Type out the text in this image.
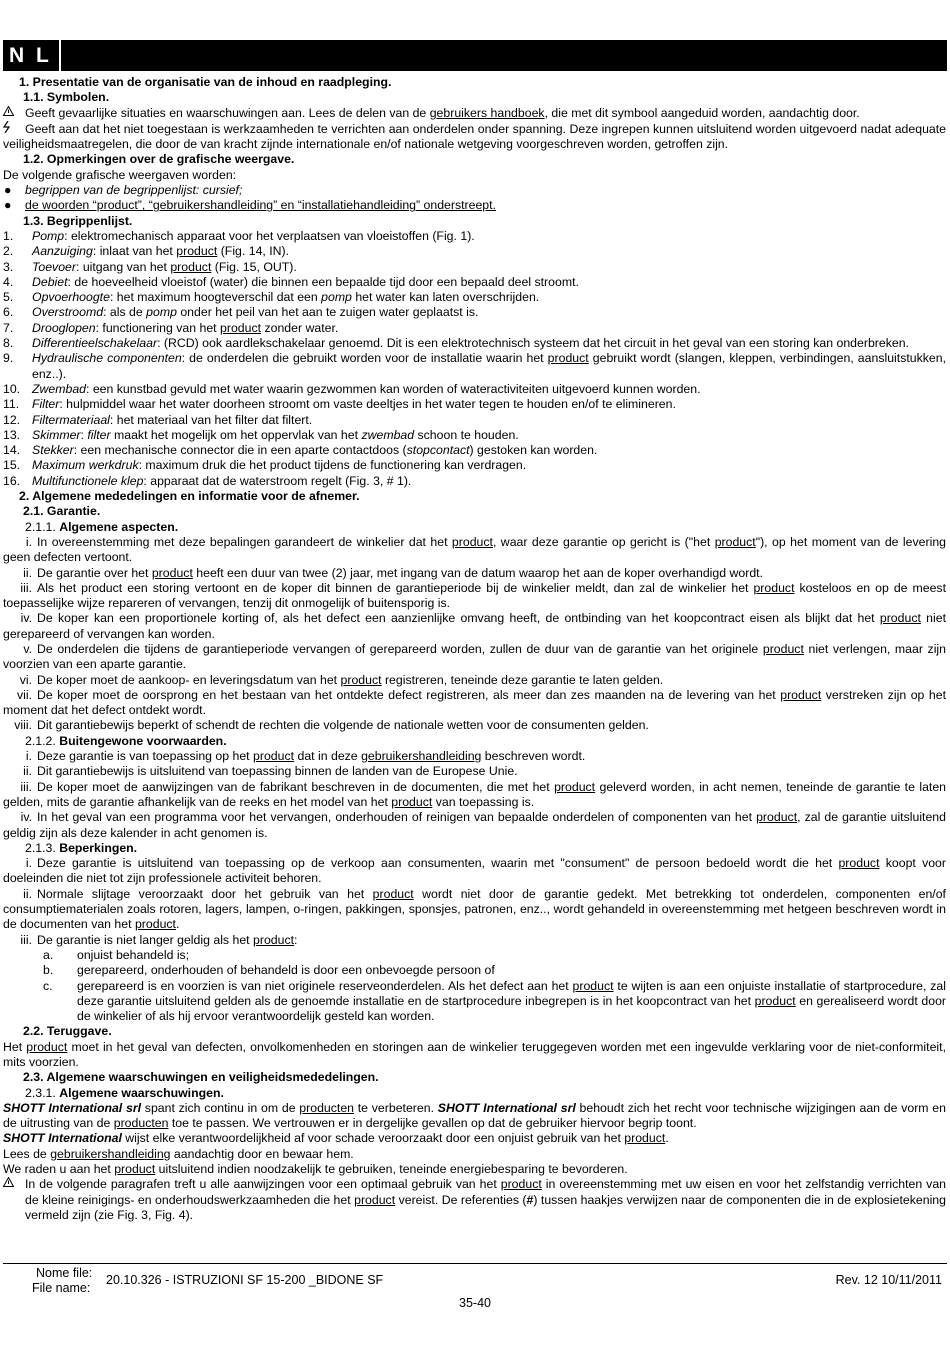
N L

1. Presentatie van de organisatie van de inhoud en raadpleging.

1.1. Symbolen.

Geeft gevaarlijke situaties en waarschuwingen aan. Lees de delen van de gebruikers handboek, die met dit symbool aangeduid worden, aandachtig door.

Geeft aan dat het niet toegestaan is werkzaamheden te verrichten aan onderdelen onder spanning. Deze ingrepen kunnen uitsluitend worden uitgevoerd nadat adequate veiligheidsmaatregelen, die door de van kracht zijnde internationale en/of nationale wetgeving voorgeschreven worden, getroffen zijn.

1.2. Opmerkingen over de grafische weergave.

De volgende grafische weergaven worden:

●	begrippen van de begrippenlijst: cursief;
●	de woorden “product”, “gebruikershandleiding” en “installatiehandleiding” onderstreept.

1.3. Begrippenlijst.

1.	Pomp: elektromechanisch apparaat voor het verplaatsen van vloeistoffen (Fig. 1).
2.	Aanzuiging: inlaat van het product (Fig. 14, IN).
3.	Toevoer: uitgang van het product (Fig. 15, OUT).
4.	Debiet: de hoeveelheid vloeistof (water) die binnen een bepaalde tijd door een bepaald deel stroomt.
5.	Opvoerhoogte: het maximum hoogteverschil dat een pomp het water kan laten overschrijden.
6.	Overstroomd: als de pomp onder het peil van het aan te zuigen water geplaatst is.
7.	Drooglopen: functionering van het product zonder water.
8.	Differentieelschakelaar: (RCD) ook aardlekschakelaar genoemd. Dit is een elektrotechnisch systeem dat het circuit in het geval van een storing kan onderbreken.
9.	Hydraulische componenten: de onderdelen die gebruikt worden voor de installatie waarin het product gebruikt wordt (slangen, kleppen, verbindingen, aansluitstukken, enz..).
10. Zwembad: een kunstbad gevuld met water waarin gezwommen kan worden of wateractiviteiten uitgevoerd kunnen worden.
11.	Filter: hulpmiddel waar het water doorheen stroomt om vaste deeltjes in het water tegen te houden en/of te elimineren.
12. Filtermateriaal: het materiaal van het filter dat filtert.
13. Skimmer: filter maakt het mogelijk om het oppervlak van het zwembad schoon te houden.
14. Stekker: een mechanische connector die in een aparte contactdoos (stopcontact) gestoken kan worden.
15. Maximum werkdruk: maximum druk die het product tijdens de functionering kan verdragen.
16. Multifunctionele klep: apparaat dat de waterstroom regelt (Fig. 3, # 1).

2. Algemene mededelingen en informatie voor de afnemer.

2.1. Garantie.

2.1.1. Algemene aspecten.

i. In overeenstemming met deze bepalingen garandeert de winkelier dat het product, waar deze garantie op gericht is ("het product"), op het moment van de levering geen defecten vertoont.

ii. De garantie over het product heeft een duur van twee (2) jaar, met ingang van de datum waarop het aan de koper overhandigd wordt.

iii. Als het product een storing vertoont en de koper dit binnen de garantieperiode bij de winkelier meldt, dan zal de winkelier het product kosteloos en op de meest toepasselijke wijze repareren of vervangen, tenzij dit onmogelijk of buitensporig is.

iv. De koper kan een proportionele korting of, als het defect een aanzienlijke omvang heeft, de ontbinding van het koopcontract eisen als blijkt dat het product niet gerepareerd of vervangen kan worden.

v. De onderdelen die tijdens de garantieperiode vervangen of gerepareerd worden, zullen de duur van de garantie van het originele product niet verlengen, maar zijn voorzien van een aparte garantie.

vi. De koper moet de aankoop- en leveringsdatum van het product registreren, teneinde deze garantie te laten gelden.

vii. De koper moet de oorsprong en het bestaan van het ontdekte defect registreren, als meer dan zes maanden na de levering van het product verstreken zijn op het moment dat het defect ontdekt wordt.

viii. Dit garantiebewijs beperkt of schendt de rechten die volgende de nationale wetten voor de consumenten gelden.

2.1.2. Buitengewone voorwaarden.

i. Deze garantie is van toepassing op het product dat in deze gebruikershandleiding beschreven wordt.

ii. Dit garantiebewijs is uitsluitend van toepassing binnen de landen van de Europese Unie.

iii. De koper moet de aanwijzingen van de fabrikant beschreven in de documenten, die met het product geleverd worden, in acht nemen, teneinde de garantie te laten gelden, mits de garantie afhankelijk van de reeks en het model van het product van toepassing is.

iv. In het geval van een programma voor het vervangen, onderhouden of reinigen van bepaalde onderdelen of componenten van het product, zal de garantie uitsluitend geldig zijn als deze kalender in acht genomen is.

2.1.3. Beperkingen.

i. Deze garantie is uitsluitend van toepassing op de verkoop aan consumenten, waarin met "consument" de persoon bedoeld wordt die het product koopt voor doeleinden die niet tot zijn professionele activiteit behoren.

ii. Normale slijtage veroorzaakt door het gebruik van het product wordt niet door de garantie gedekt. Met betrekking tot onderdelen, componenten en/of consumptiematerialen zoals rotoren, lagers, lampen, o-ringen, pakkingen, sponsjes, patronen, enz.., wordt gehandeld in overeenstemming met hetgeen beschreven wordt in de documenten van het product.

iii. De garantie is niet langer geldig als het product:

a.	onjuist behandeld is;
b.	gerepareerd, onderhouden of behandeld is door een onbevoegde persoon of
c.	gerepareerd is en voorzien is van niet originele reserveonderdelen. Als het defect aan het product te wijten is aan een onjuiste installatie of startprocedure, zal deze garantie uitsluitend gelden als de genoemde installatie en de startprocedure inbegrepen is in het koopcontract van het product en gerealiseerd wordt door de winkelier of als hij ervoor verantwoordelijk gesteld kan worden.

2.2. Teruggave.

Het product moet in het geval van defecten, onvolkomenheden en storingen aan de winkelier teruggegeven worden met een ingevulde verklaring voor de niet-conformiteit, mits voorzien.

2.3. Algemene waarschuwingen en veiligheidsmededelingen.

2.3.1. Algemene waarschuwingen.

SHOTT International srl spant zich continu in om de producten te verbeteren. SHOTT International srl behoudt zich het recht voor technische wijzigingen aan de vorm en de uitrusting van de producten toe te passen. We vertrouwen er in dergelijke gevallen op dat de gebruiker hiervoor begrip toont.

SHOTT International wijst elke verantwoordelijkheid af voor schade veroorzaakt door een onjuist gebruik van het product.

Lees de gebruikershandleiding aandachtig door en bewaar hem.

We raden u aan het product uitsluitend indien noodzakelijk te gebruiken, teneinde energiebesparing te bevorderen.

In de volgende paragrafen treft u alle aanwijzingen voor een optimaal gebruik van het product in overeenstemming met uw eisen en voor het zelfstandig verrichten van de kleine reinigings- en onderhoudswerkzaamheden die het product vereist. De referenties (#) tussen haakjes verwijzen naar de componenten die in de explosietekening vermeld zijn (zie Fig. 3, Fig. 4).
Nome file:
File name:
20.10.326 - ISTRUZIONI SF 15-200 _BIDONE SF	Rev. 12 10/11/2011
35-40
